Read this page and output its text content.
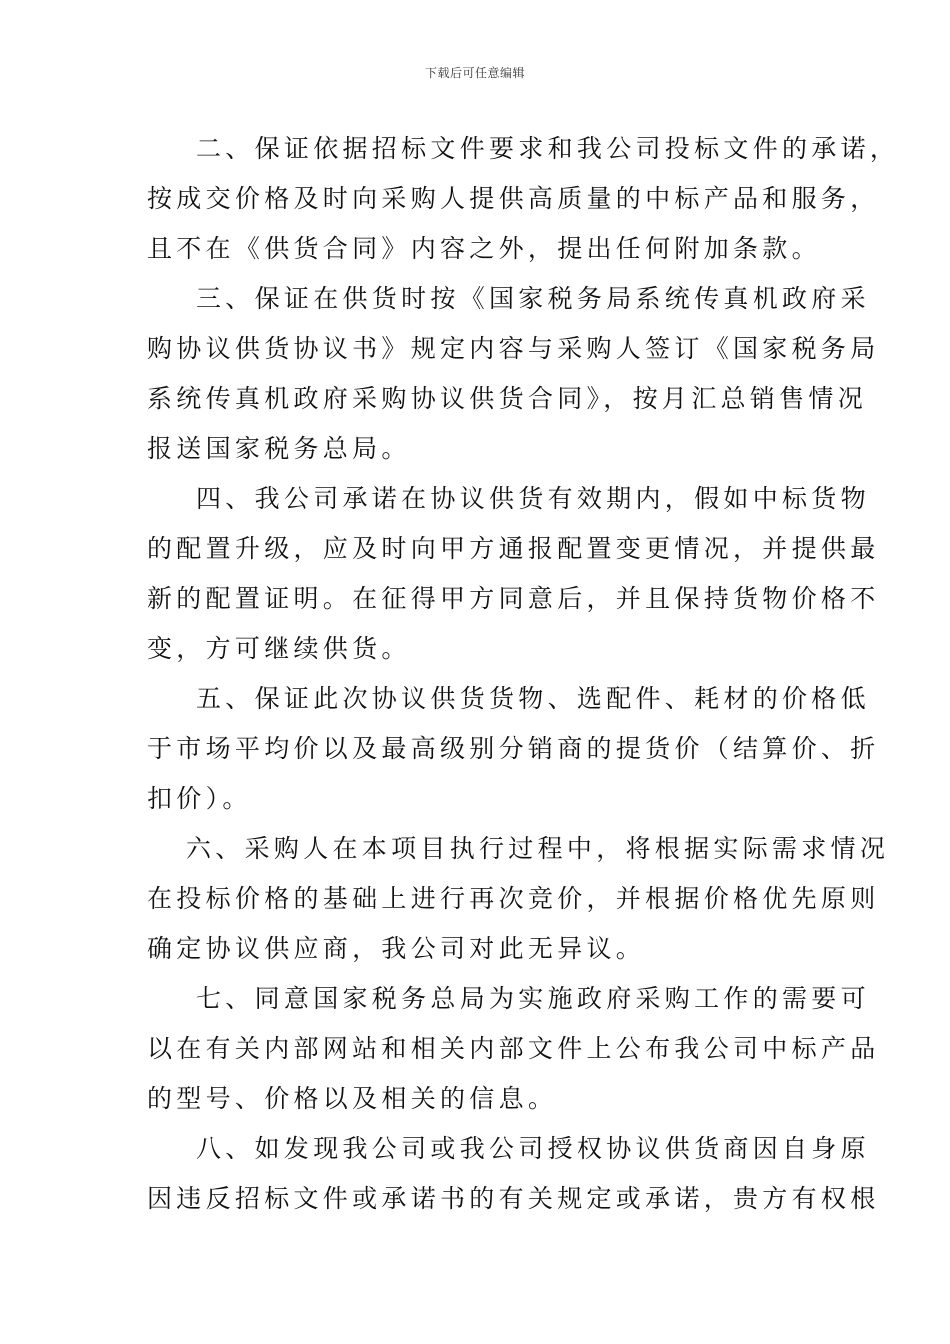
下载后可任意编辑
二、保证依据招标文件要求和我公司投标文件的承诺，
按成交价格及时向采购人提供高质量的中标产品和服务，
且不在《供货合同》内容之外，提出任何附加条款。
三、保证在供货时按《国家税务局系统传真机政府采
购协议供货协议书》规定内容与采购人签订《国家税务局
系统传真机政府采购协议供货合同》，按月汇总销售情况
报送国家税务总局。
四、我公司承诺在协议供货有效期内，假如中标货物
的配置升级，应及时向甲方通报配置变更情况，并提供最
新的配置证明。在征得甲方同意后，并且保持货物价格不
变，方可继续供货。
五、保证此次协议供货货物、选配件、耗材的价格低
于市场平均价以及最高级别分销商的提货价（结算价、折
扣价）。
六、采购人在本项目执行过程中，将根据实际需求情况
在投标价格的基础上进行再次竞价，并根据价格优先原则
确定协议供应商，我公司对此无异议。
七、同意国家税务总局为实施政府采购工作的需要可
以在有关内部网站和相关内部文件上公布我公司中标产品
的型号、价格以及相关的信息。
八、如发现我公司或我公司授权协议供货商因自身原
因违反招标文件或承诺书的有关规定或承诺，贵方有权根
